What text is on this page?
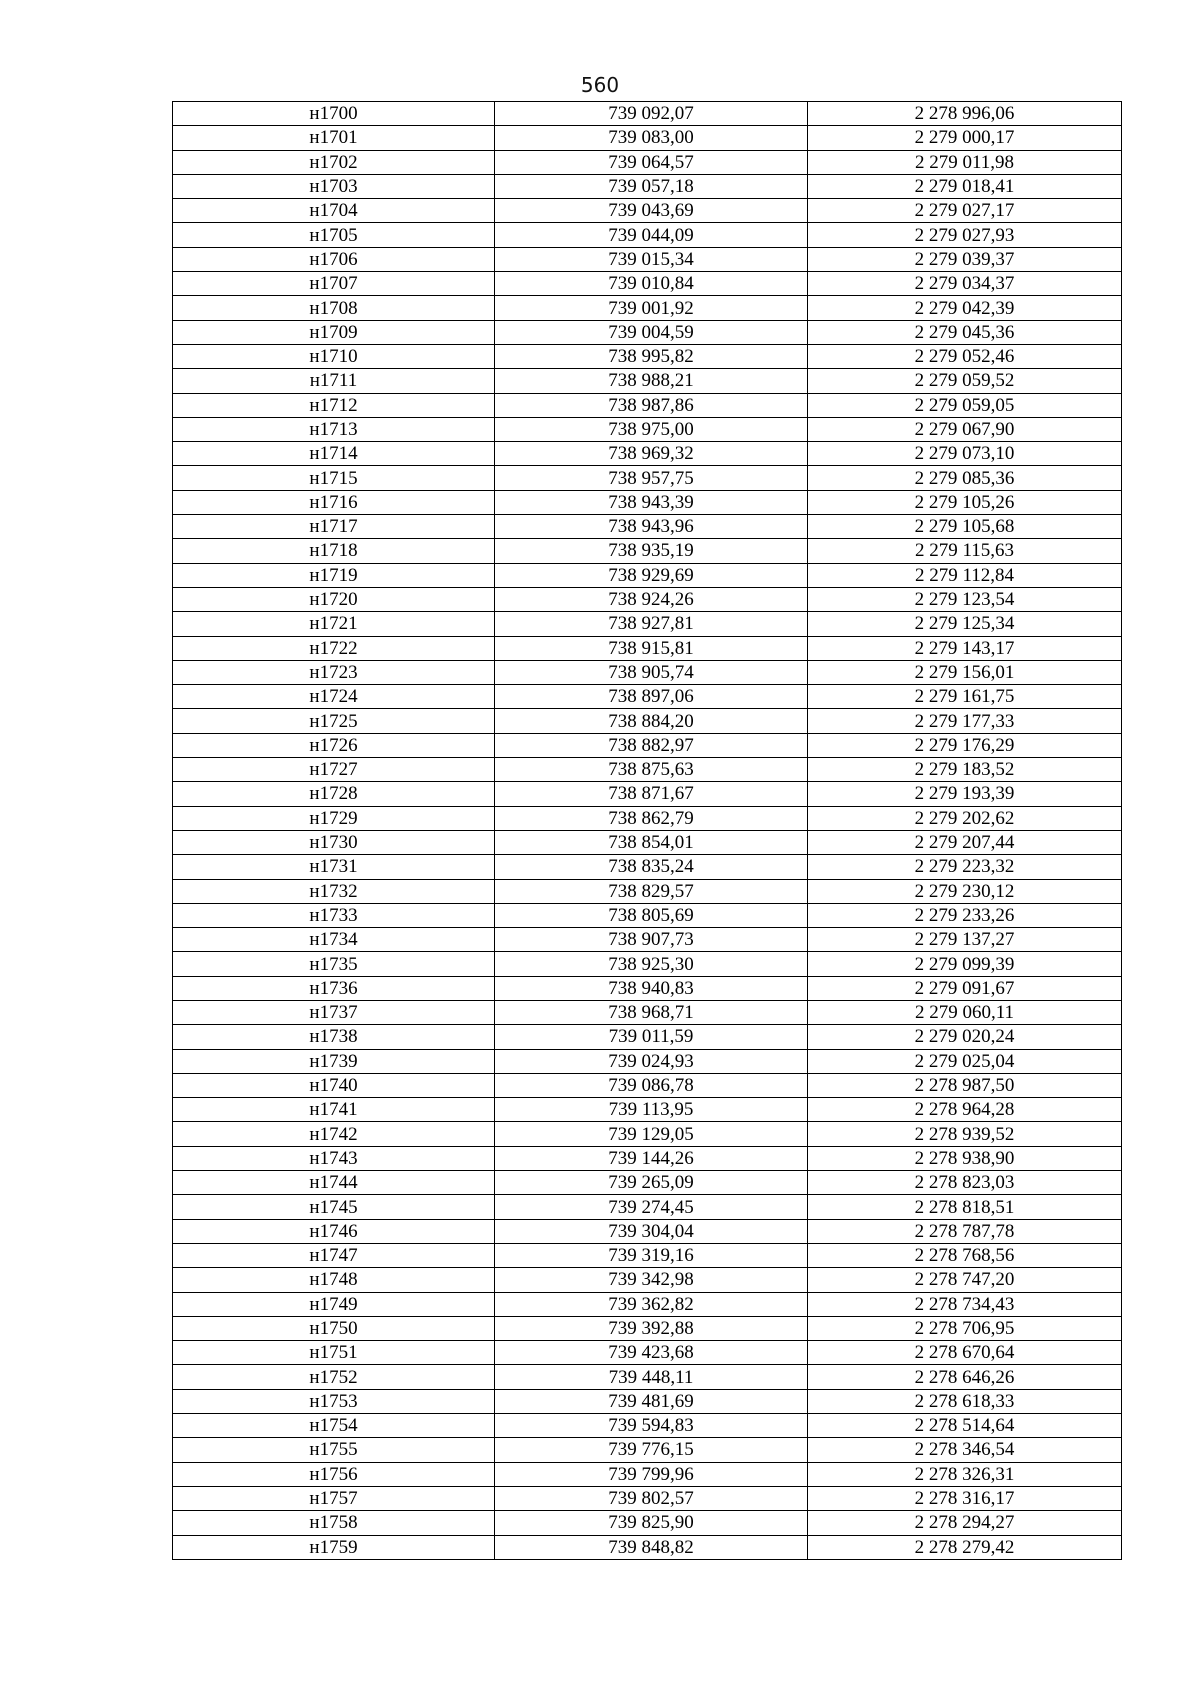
560
н1700	739 092,07	2 278 996,06
н1701	739 083,00	2 279 000,17
н1702	739 064,57	2 279 011,98
н1703	739 057,18	2 279 018,41
н1704	739 043,69	2 279 027,17
н1705	739 044,09	2 279 027,93
н1706	739 015,34	2 279 039,37
н1707	739 010,84	2 279 034,37
н1708	739 001,92	2 279 042,39
н1709	739 004,59	2 279 045,36
н1710	738 995,82	2 279 052,46
н1711	738 988,21	2 279 059,52
н1712	738 987,86	2 279 059,05
н1713	738 975,00	2 279 067,90
н1714	738 969,32	2 279 073,10
н1715	738 957,75	2 279 085,36
н1716	738 943,39	2 279 105,26
н1717	738 943,96	2 279 105,68
н1718	738 935,19	2 279 115,63
н1719	738 929,69	2 279 112,84
н1720	738 924,26	2 279 123,54
н1721	738 927,81	2 279 125,34
н1722	738 915,81	2 279 143,17
н1723	738 905,74	2 279 156,01
н1724	738 897,06	2 279 161,75
н1725	738 884,20	2 279 177,33
н1726	738 882,97	2 279 176,29
н1727	738 875,63	2 279 183,52
н1728	738 871,67	2 279 193,39
н1729	738 862,79	2 279 202,62
н1730	738 854,01	2 279 207,44
н1731	738 835,24	2 279 223,32
н1732	738 829,57	2 279 230,12
н1733	738 805,69	2 279 233,26
н1734	738 907,73	2 279 137,27
н1735	738 925,30	2 279 099,39
н1736	738 940,83	2 279 091,67
н1737	738 968,71	2 279 060,11
н1738	739 011,59	2 279 020,24
н1739	739 024,93	2 279 025,04
н1740	739 086,78	2 278 987,50
н1741	739 113,95	2 278 964,28
н1742	739 129,05	2 278 939,52
н1743	739 144,26	2 278 938,90
н1744	739 265,09	2 278 823,03
н1745	739 274,45	2 278 818,51
н1746	739 304,04	2 278 787,78
н1747	739 319,16	2 278 768,56
н1748	739 342,98	2 278 747,20
н1749	739 362,82	2 278 734,43
н1750	739 392,88	2 278 706,95
н1751	739 423,68	2 278 670,64
н1752	739 448,11	2 278 646,26
н1753	739 481,69	2 278 618,33
н1754	739 594,83	2 278 514,64
н1755	739 776,15	2 278 346,54
н1756	739 799,96	2 278 326,31
н1757	739 802,57	2 278 316,17
н1758	739 825,90	2 278 294,27
н1759	739 848,82	2 278 279,42
